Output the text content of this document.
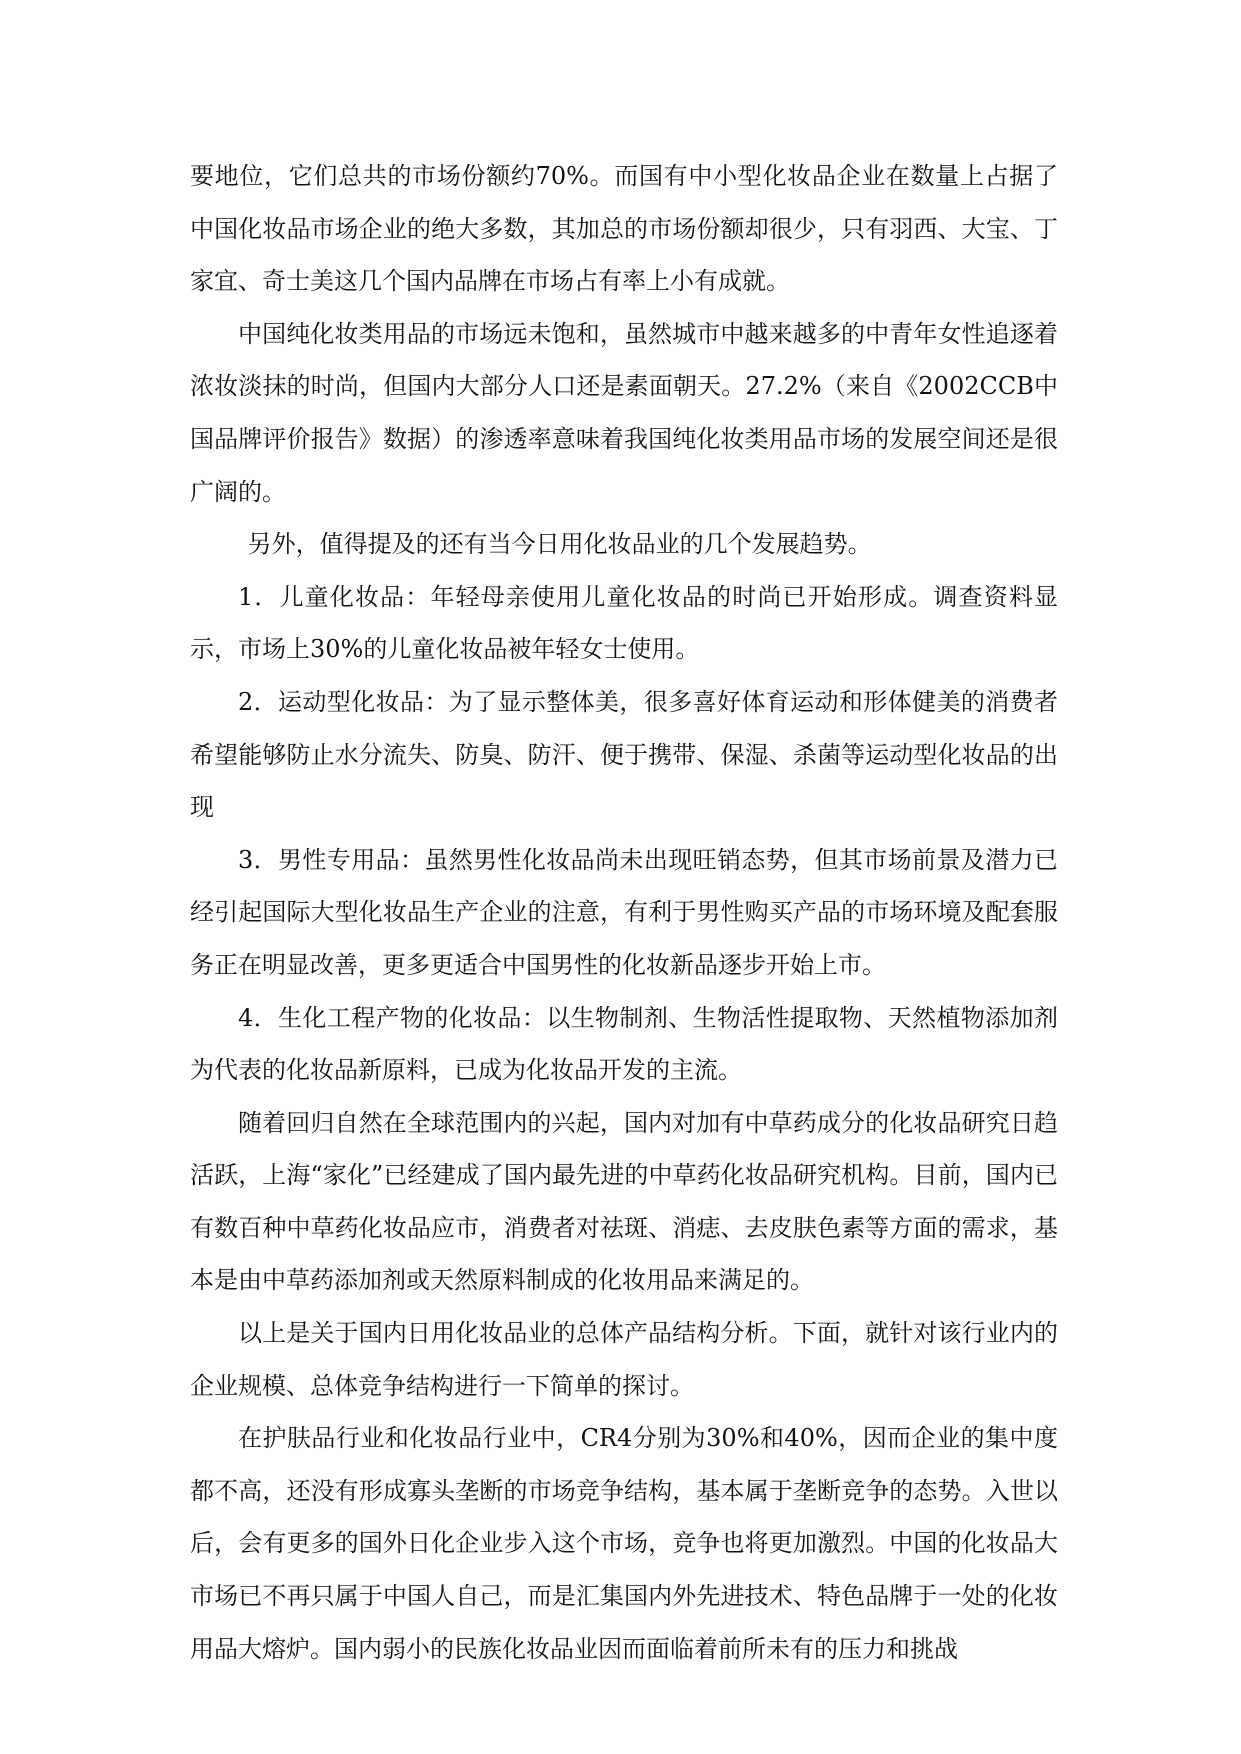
要地位，它们总共的市场份额约70%。而国有中小型化妆品企业在数量上占据了中国化妆品市场企业的绝大多数，其加总的市场份额却很少，只有羽西、大宝、丁家宜、奇士美这几个国内品牌在市场占有率上小有成就。

中国纯化妆类用品的市场远未饱和，虽然城市中越来越多的中青年女性追逐着浓妆淡抹的时尚，但国内大部分人口还是素面朝天。27.2%（来自《2002CCB中国品牌评价报告》数据）的渗透率意味着我国纯化妆类用品市场的发展空间还是很广阔的。

另外，值得提及的还有当今日用化妆品业的几个发展趋势。

1．儿童化妆品：年轻母亲使用儿童化妆品的时尚已开始形成。调查资料显示，市场上30%的儿童化妆品被年轻女士使用。

2．运动型化妆品：为了显示整体美，很多喜好体育运动和形体健美的消费者希望能够防止水分流失、防臭、防汗、便于携带、保湿、杀菌等运动型化妆品的出现

3．男性专用品：虽然男性化妆品尚未出现旺销态势，但其市场前景及潜力已经引起国际大型化妆品生产企业的注意，有利于男性购买产品的市场环境及配套服务正在明显改善，更多更适合中国男性的化妆新品逐步开始上市。

4．生化工程产物的化妆品：以生物制剂、生物活性提取物、天然植物添加剂为代表的化妆品新原料，已成为化妆品开发的主流。

随着回归自然在全球范围内的兴起，国内对加有中草药成分的化妆品研究日趋活跃，上海“家化”已经建成了国内最先进的中草药化妆品研究机构。目前，国内已有数百种中草药化妆品应市，消费者对祛斑、消痣、去皮肤色素等方面的需求，基本是由中草药添加剂或天然原料制成的化妆用品来满足的。

以上是关于国内日用化妆品业的总体产品结构分析。下面，就针对该行业内的企业规模、总体竞争结构进行一下简单的探讨。

在护肤品行业和化妆品行业中，CR4分别为30%和40%，因而企业的集中度都不高，还没有形成寡头垄断的市场竞争结构，基本属于垄断竞争的态势。入世以后，会有更多的国外日化企业步入这个市场，竞争也将更加激烈。中国的化妆品大市场已不再只属于中国人自己，而是汇集国内外先进技术、特色品牌于一处的化妆用品大熔炉。国内弱小的民族化妆品业因而面临着前所未有的压力和挑战
